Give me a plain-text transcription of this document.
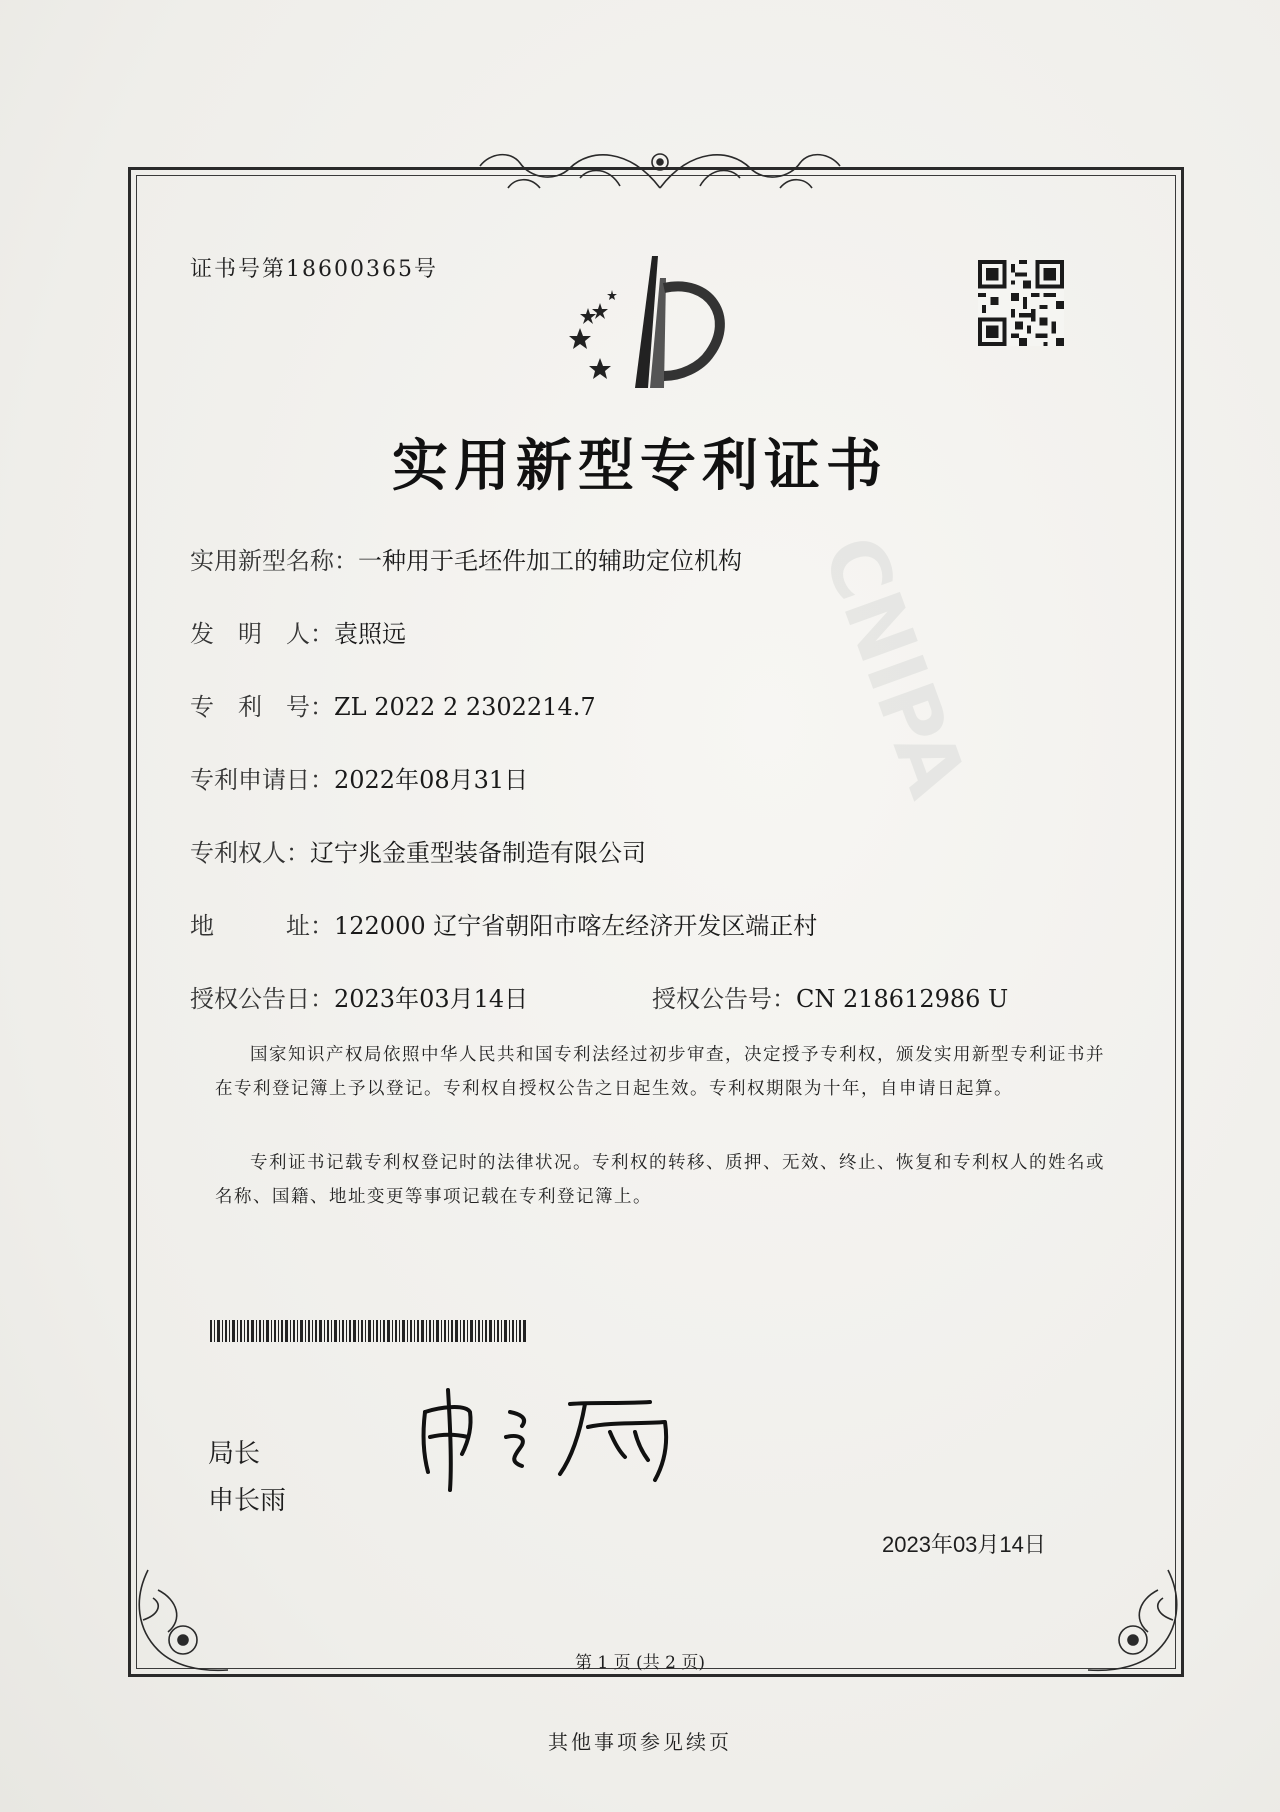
CNIPA
证书号第18600365号
实用新型专利证书
实用新型名称：一种用于毛坯件加工的辅助定位机构
发　明　人：袁照远
专　利　号：ZL 2022 2 2302214.7
专利申请日：2022年08月31日
专利权人：辽宁兆金重型装备制造有限公司
地　　　址：122000 辽宁省朝阳市喀左经济开发区端正村
授权公告日：2023年03月14日	授权公告号：CN 218612986 U
国家知识产权局依照中华人民共和国专利法经过初步审查，决定授予专利权，颁发实用新型专利证书并在专利登记簿上予以登记。专利权自授权公告之日起生效。专利权期限为十年，自申请日起算。
专利证书记载专利权登记时的法律状况。专利权的转移、质押、无效、终止、恢复和专利权人的姓名或名称、国籍、地址变更等事项记载在专利登记簿上。
局长
申长雨
2023年03月14日
第 1 页 (共 2 页)
其他事项参见续页
